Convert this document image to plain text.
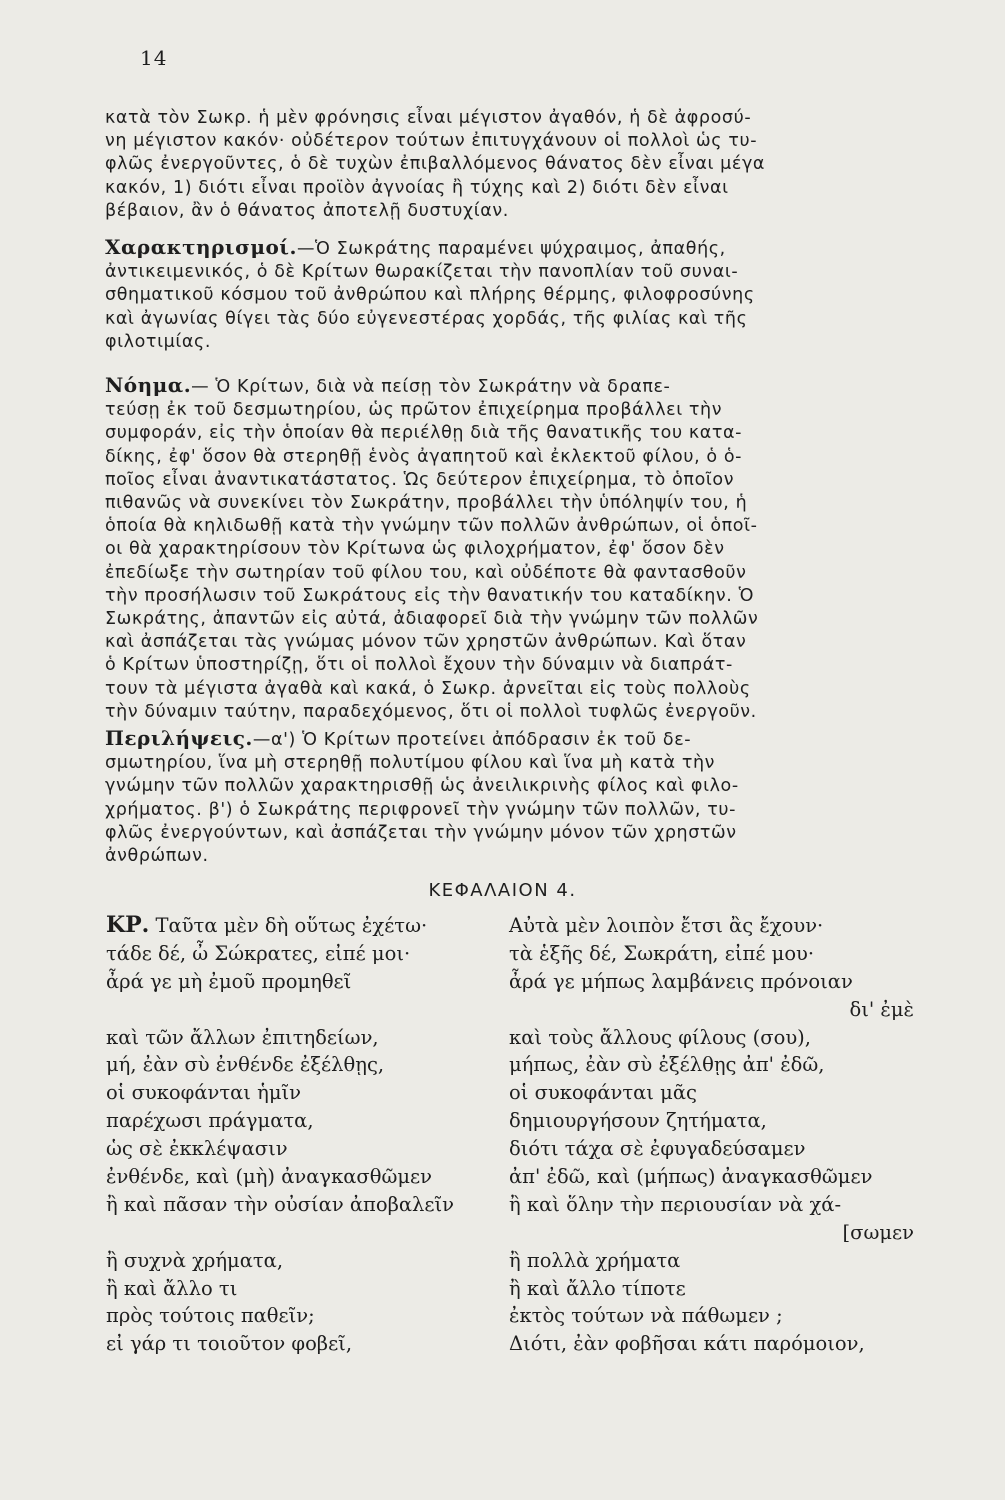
14
κατὰ τὸν Σωκρ. ἡ μὲν φρόνησις εἶναι μέγιστον ἀγαθόν, ἡ δὲ ἀφροσύ-
νη μέγιστον κακόν· οὐδέτερον τούτων ἐπιτυγχάνουν οἱ πολλοὶ ὡς τυ-
φλῶς ἐνεργοῦντες, ὁ δὲ τυχὼν ἐπιβαλλόμενος θάνατος δὲν εἶναι μέγα
κακόν, 1) διότι εἶναι προϊὸν ἀγνοίας ἢ τύχης καὶ 2) διότι δὲν εἶναι
βέβαιον, ἂν ὁ θάνατος ἀποτελῇ δυστυχίαν.
Χαρακτηρισμοί.—Ὁ Σωκράτης παραμένει ψύχραιμος, ἀπαθής,
ἀντικειμενικός, ὁ δὲ Κρίτων θωρακίζεται τὴν πανοπλίαν τοῦ συναι-
σθηματικοῦ κόσμου τοῦ ἀνθρώπου καὶ πλήρης θέρμης, φιλοφροσύνης
καὶ ἀγωνίας θίγει τὰς δύο εὐγενεστέρας χορδάς, τῆς φιλίας καὶ τῆς
φιλοτιμίας.
Νόημα.— Ὁ Κρίτων, διὰ νὰ πείσῃ τὸν Σωκράτην νὰ δραπε-
τεύσῃ ἐκ τοῦ δεσμωτηρίου, ὡς πρῶτον ἐπιχείρημα προβάλλει τὴν
συμφοράν, εἰς τὴν ὁποίαν θὰ περιέλθῃ διὰ τῆς θανατικῆς του κατα-
δίκης, ἐφ' ὅσον θὰ στερηθῇ ἑνὸς ἀγαπητοῦ καὶ ἐκλεκτοῦ φίλου, ὁ ὁ-
ποῖος εἶναι ἀναντικατάστατος. Ὡς δεύτερον ἐπιχείρημα, τὸ ὁποῖον
πιθανῶς νὰ συνεκίνει τὸν Σωκράτην, προβάλλει τὴν ὑπόληψίν του, ἡ
ὁποία θὰ κηλιδωθῇ κατὰ τὴν γνώμην τῶν πολλῶν ἀνθρώπων, οἱ ὁποῖ-
οι θὰ χαρακτηρίσουν τὸν Κρίτωνα ὡς φιλοχρήματον, ἐφ' ὅσον δὲν
ἐπεδίωξε τὴν σωτηρίαν τοῦ φίλου του, καὶ οὐδέποτε θὰ φαντασθοῦν
τὴν προσήλωσιν τοῦ Σωκράτους εἰς τὴν θανατικήν του καταδίκην. Ὁ
Σωκράτης, ἀπαντῶν εἰς αὐτά, ἀδιαφορεῖ διὰ τὴν γνώμην τῶν πολλῶν
καὶ ἀσπάζεται τὰς γνώμας μόνον τῶν χρηστῶν ἀνθρώπων. Καὶ ὅταν
ὁ Κρίτων ὑποστηρίζῃ, ὅτι οἱ πολλοὶ ἔχουν τὴν δύναμιν νὰ διαπράτ-
τουν τὰ μέγιστα ἀγαθὰ καὶ κακά, ὁ Σωκρ. ἀρνεῖται εἰς τοὺς πολλοὺς
τὴν δύναμιν ταύτην, παραδεχόμενος, ὅτι οἱ πολλοὶ τυφλῶς ἐνεργοῦν.
Περιλήψεις.—α') Ὁ Κρίτων προτείνει ἀπόδρασιν ἐκ τοῦ δε-
σμωτηρίου, ἵνα μὴ στερηθῇ πολυτίμου φίλου καὶ ἵνα μὴ κατὰ τὴν
γνώμην τῶν πολλῶν χαρακτηρισθῇ ὡς ἀνειλικρινὴς φίλος καὶ φιλο-
χρήματος. β') ὁ Σωκράτης περιφρονεῖ τὴν γνώμην τῶν πολλῶν, τυ-
φλῶς ἐνεργούντων, καὶ ἀσπάζεται τὴν γνώμην μόνον τῶν χρηστῶν
ἀνθρώπων.
ΚΕΦΑΛΑΙΟΝ 4.
ΚΡ. Ταῦτα μὲν δὴ οὕτως ἐχέτω·	Αὐτὰ μὲν λοιπὸν ἔτσι ἂς ἔχουν·
τάδε δέ, ὦ Σώκρατες, εἰπέ μοι·	τὰ ἑξῆς δέ, Σωκράτη, εἰπέ μου·
ἆρά γε μὴ ἐμοῦ προμηθεῖ	ἆρά γε μήπως λαμβάνεις πρόνοιαν
δι' ἐμὲ
καὶ τῶν ἄλλων ἐπιτηδείων,	καὶ τοὺς ἄλλους φίλους (σου),
μή, ἐὰν σὺ ἐνθένδε ἐξέλθῃς,	μήπως, ἐὰν σὺ ἐξέλθῃς ἀπ' ἐδῶ,
οἱ συκοφάνται ἡμῖν	οἱ συκοφάνται μᾶς
παρέχωσι πράγματα,	δημιουργήσουν ζητήματα,
ὡς σὲ ἐκκλέψασιν	διότι τάχα σὲ ἐφυγαδεύσαμεν
ἐνθένδε, καὶ (μὴ) ἀναγκασθῶμεν	ἀπ' ἐδῶ, καὶ (μήπως) ἀναγκασθῶμεν
ἢ καὶ πᾶσαν τὴν οὐσίαν ἀποβαλεῖν	ἢ καὶ ὅλην τὴν περιουσίαν νὰ χά-
[σωμεν
ἢ συχνὰ χρήματα,	ἢ πολλὰ χρήματα
ἢ καὶ ἄλλο τι	ἢ καὶ ἄλλο τίποτε
πρὸς τούτοις παθεῖν;	ἐκτὸς τούτων νὰ πάθωμεν ;
εἰ γάρ τι τοιοῦτον φοβεῖ,	Διότι, ἐὰν φοβῆσαι κάτι παρόμοιον,
